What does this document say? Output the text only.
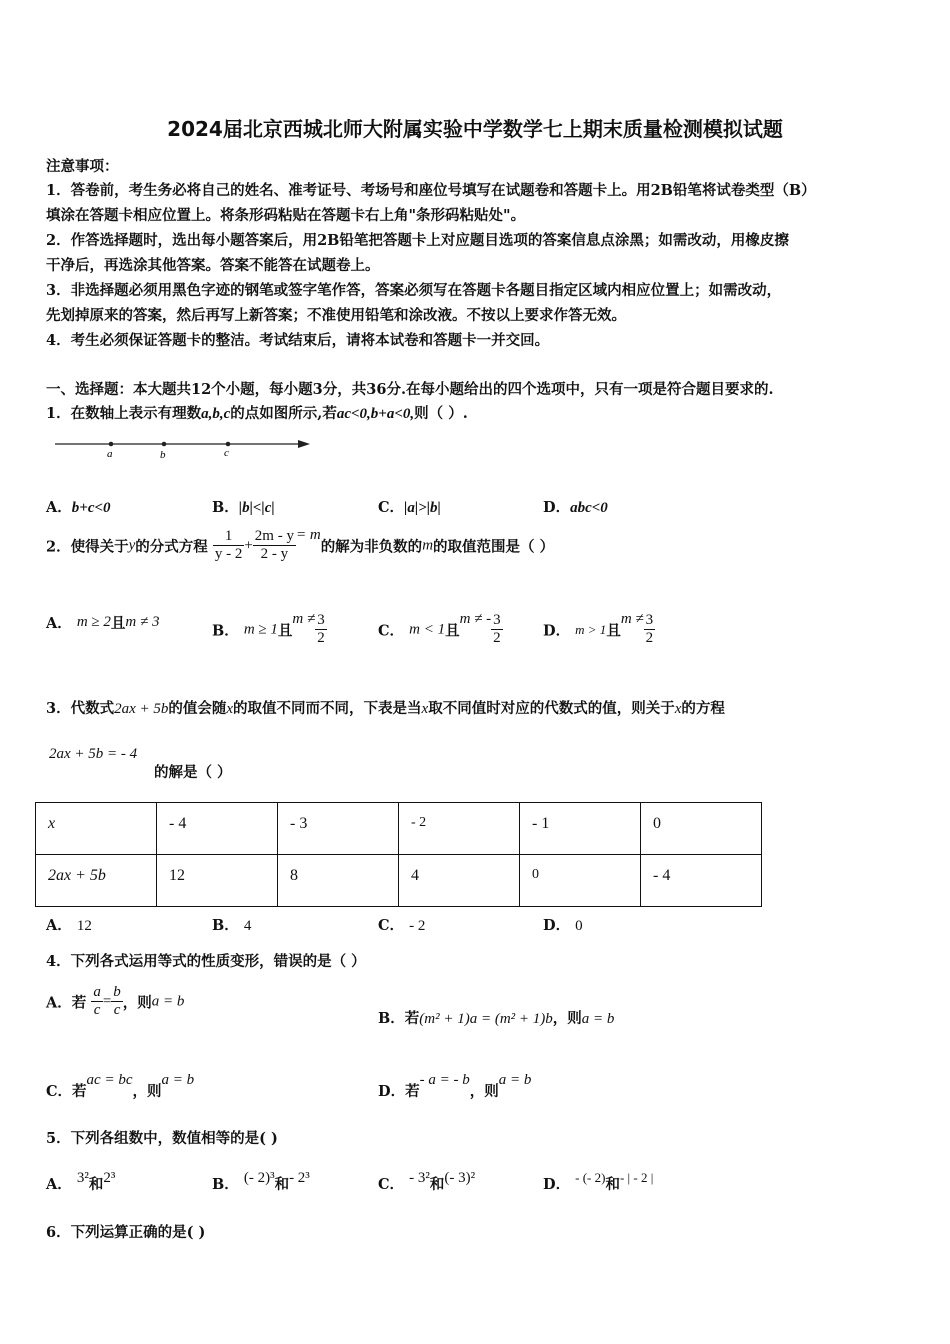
2024届北京西城北师大附属实验中学数学七上期末质量检测模拟试题
注意事项：
1．答卷前，考生务必将自己的姓名、准考证号、考场号和座位号填写在试题卷和答题卡上。用2B铅笔将试卷类型（B）
填涂在答题卡相应位置上。将条形码粘贴在答题卡右上角"条形码粘贴处"。
2．作答选择题时，选出每小题答案后，用2B铅笔把答题卡上对应题目选项的答案信息点涂黑；如需改动，用橡皮擦
干净后，再选涂其他答案。答案不能答在试题卷上。
3．非选择题必须用黑色字迹的钢笔或签字笔作答，答案必须写在答题卡各题目指定区域内相应位置上；如需改动，
先划掉原来的答案，然后再写上新答案；不准使用铅笔和涂改液。不按以上要求作答无效。
4．考生必须保证答题卡的整洁。考试结束后，请将本试卷和答题卡一并交回。
一、选择题：本大题共12个小题，每小题3分，共36分.在每小题给出的四个选项中，只有一项是符合题目要求的.
1．在数轴上表示有理数a,b,c的点如图所示,若ac<0,b+a<0,则（ ）.
a	b	c
A．b+c<0	B．|b|<|c|	C．|a|>|b|	D．abc<0
2．使得关于y的分式方程 $\frac{1}{y - 2} + \frac{2m - y}{2 - y} = m$的解为非负数的m的取值范围是（ ）
A． m ≥ 2且m ≠ 3
B． m ≥ 1且$m \ne \frac{3}{2}$	C． m < 1且m ≠ - $\frac{3}{2}$	D． m > 1且$m \ne \frac{3}{2}$
3．代数式2ax + 5b的值会随x的取值不同而不同，下表是当x取不同值时对应的代数式的值，则关于x的方程
2ax + 5b = - 4
的解是（ ）
x	- 4	- 3	- 2	- 1	0
2ax + 5b	12	8	4	0	- 4
A． 12	B． 4	C． - 2	D． 0
4．下列各式运用等式的性质变形，错误的是（ ）
A．若 $\frac{a}{c} = \frac{b}{c}$ ，则a = b
B．若(m² + 1)a = (m² + 1)b，则a = b
C．若ac = bc，则a = b
D．若- a = - b，则a = b
5．下列各组数中，数值相等的是( )
A． 3²和2³	B． (- 2)³和- 2³	C． - 3²和(- 3)²	D． - (- 2)和- | - 2 |
6．下列运算正确的是( )
